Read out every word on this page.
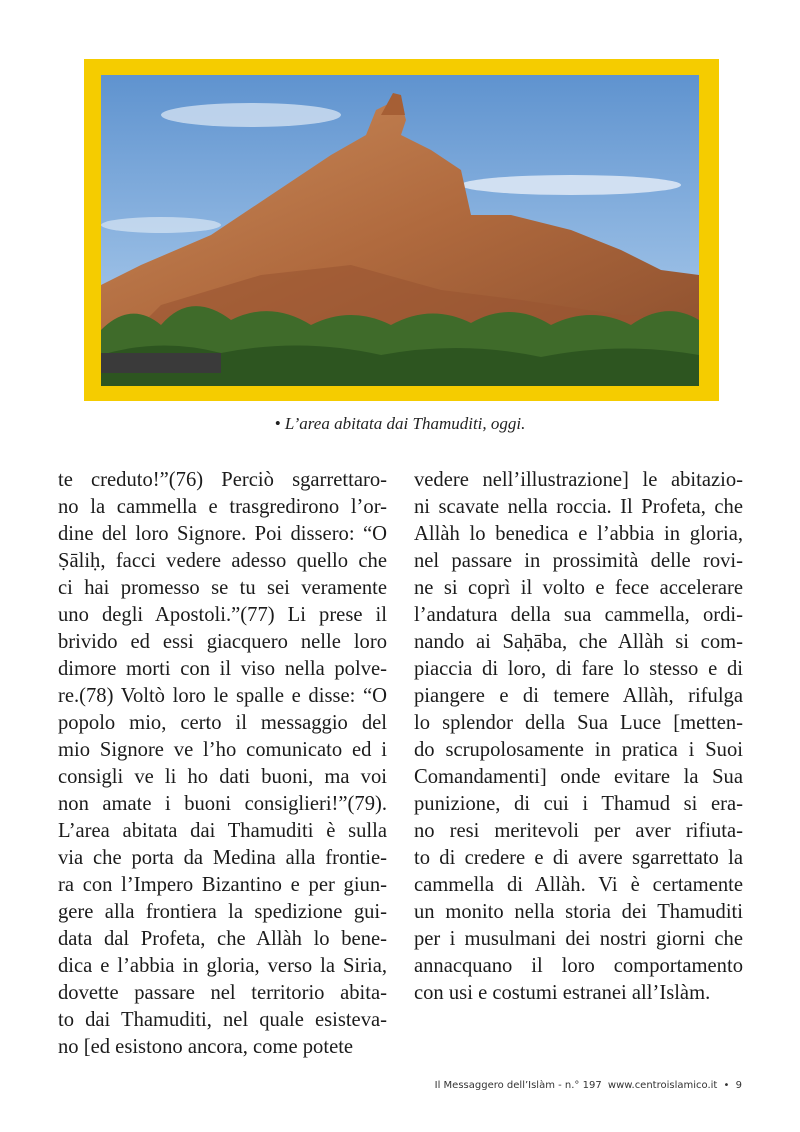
• L’area abitata dai Thamuditi, oggi.
te creduto!”(76) Perciò sgarrettaro-
no la cammella e trasgredirono l’or-
dine del loro Signore. Poi dissero: “O
Ṣāliḥ, facci vedere adesso quello che
ci hai promesso se tu sei veramente
uno degli Apostoli.”(77) Li prese il
brivido ed essi giacquero nelle loro
dimore morti con il viso nella polve-
re.(78) Voltò loro le spalle e disse: “O
popolo mio, certo il messaggio del
mio Signore ve l’ho comunicato ed i
consigli ve li ho dati buoni, ma voi
non amate i buoni consiglieri!”(79).
L’area abitata dai Thamuditi è sulla
via che porta da Medina alla frontie-
ra con l’Impero Bizantino e per giun-
gere alla frontiera la spedizione gui-
data dal Profeta, che Allàh lo bene-
dica e l’abbia in gloria, verso la Siria,
dovette passare nel territorio abita-
to dai Thamuditi, nel quale esisteva-
no [ed esistono ancora, come potete
vedere nell’illustrazione] le abitazio-
ni scavate nella roccia. Il Profeta, che
Allàh lo benedica e l’abbia in gloria,
nel passare in prossimità delle rovi-
ne si coprì il volto e fece accelerare
l’andatura della sua cammella, ordi-
nando ai Saḥāba, che Allàh si com-
piaccia di loro, di fare lo stesso e di
piangere e di temere Allàh, rifulga
lo splendor della Sua Luce [metten-
do scrupolosamente in pratica i Suoi
Comandamenti] onde evitare la Sua
punizione, di cui i Thamud si era-
no resi meritevoli per aver rifiuta-
to di credere e di avere sgarrettato la
cammella di Allàh. Vi è certamente
un monito nella storia dei Thamuditi
per i musulmani dei nostri giorni che
annacquano il loro comportamento
con usi e costumi estranei all’Islàm.
Il Messaggero dell’Islàm - n.° 197 www.centroislamico.it • 9
